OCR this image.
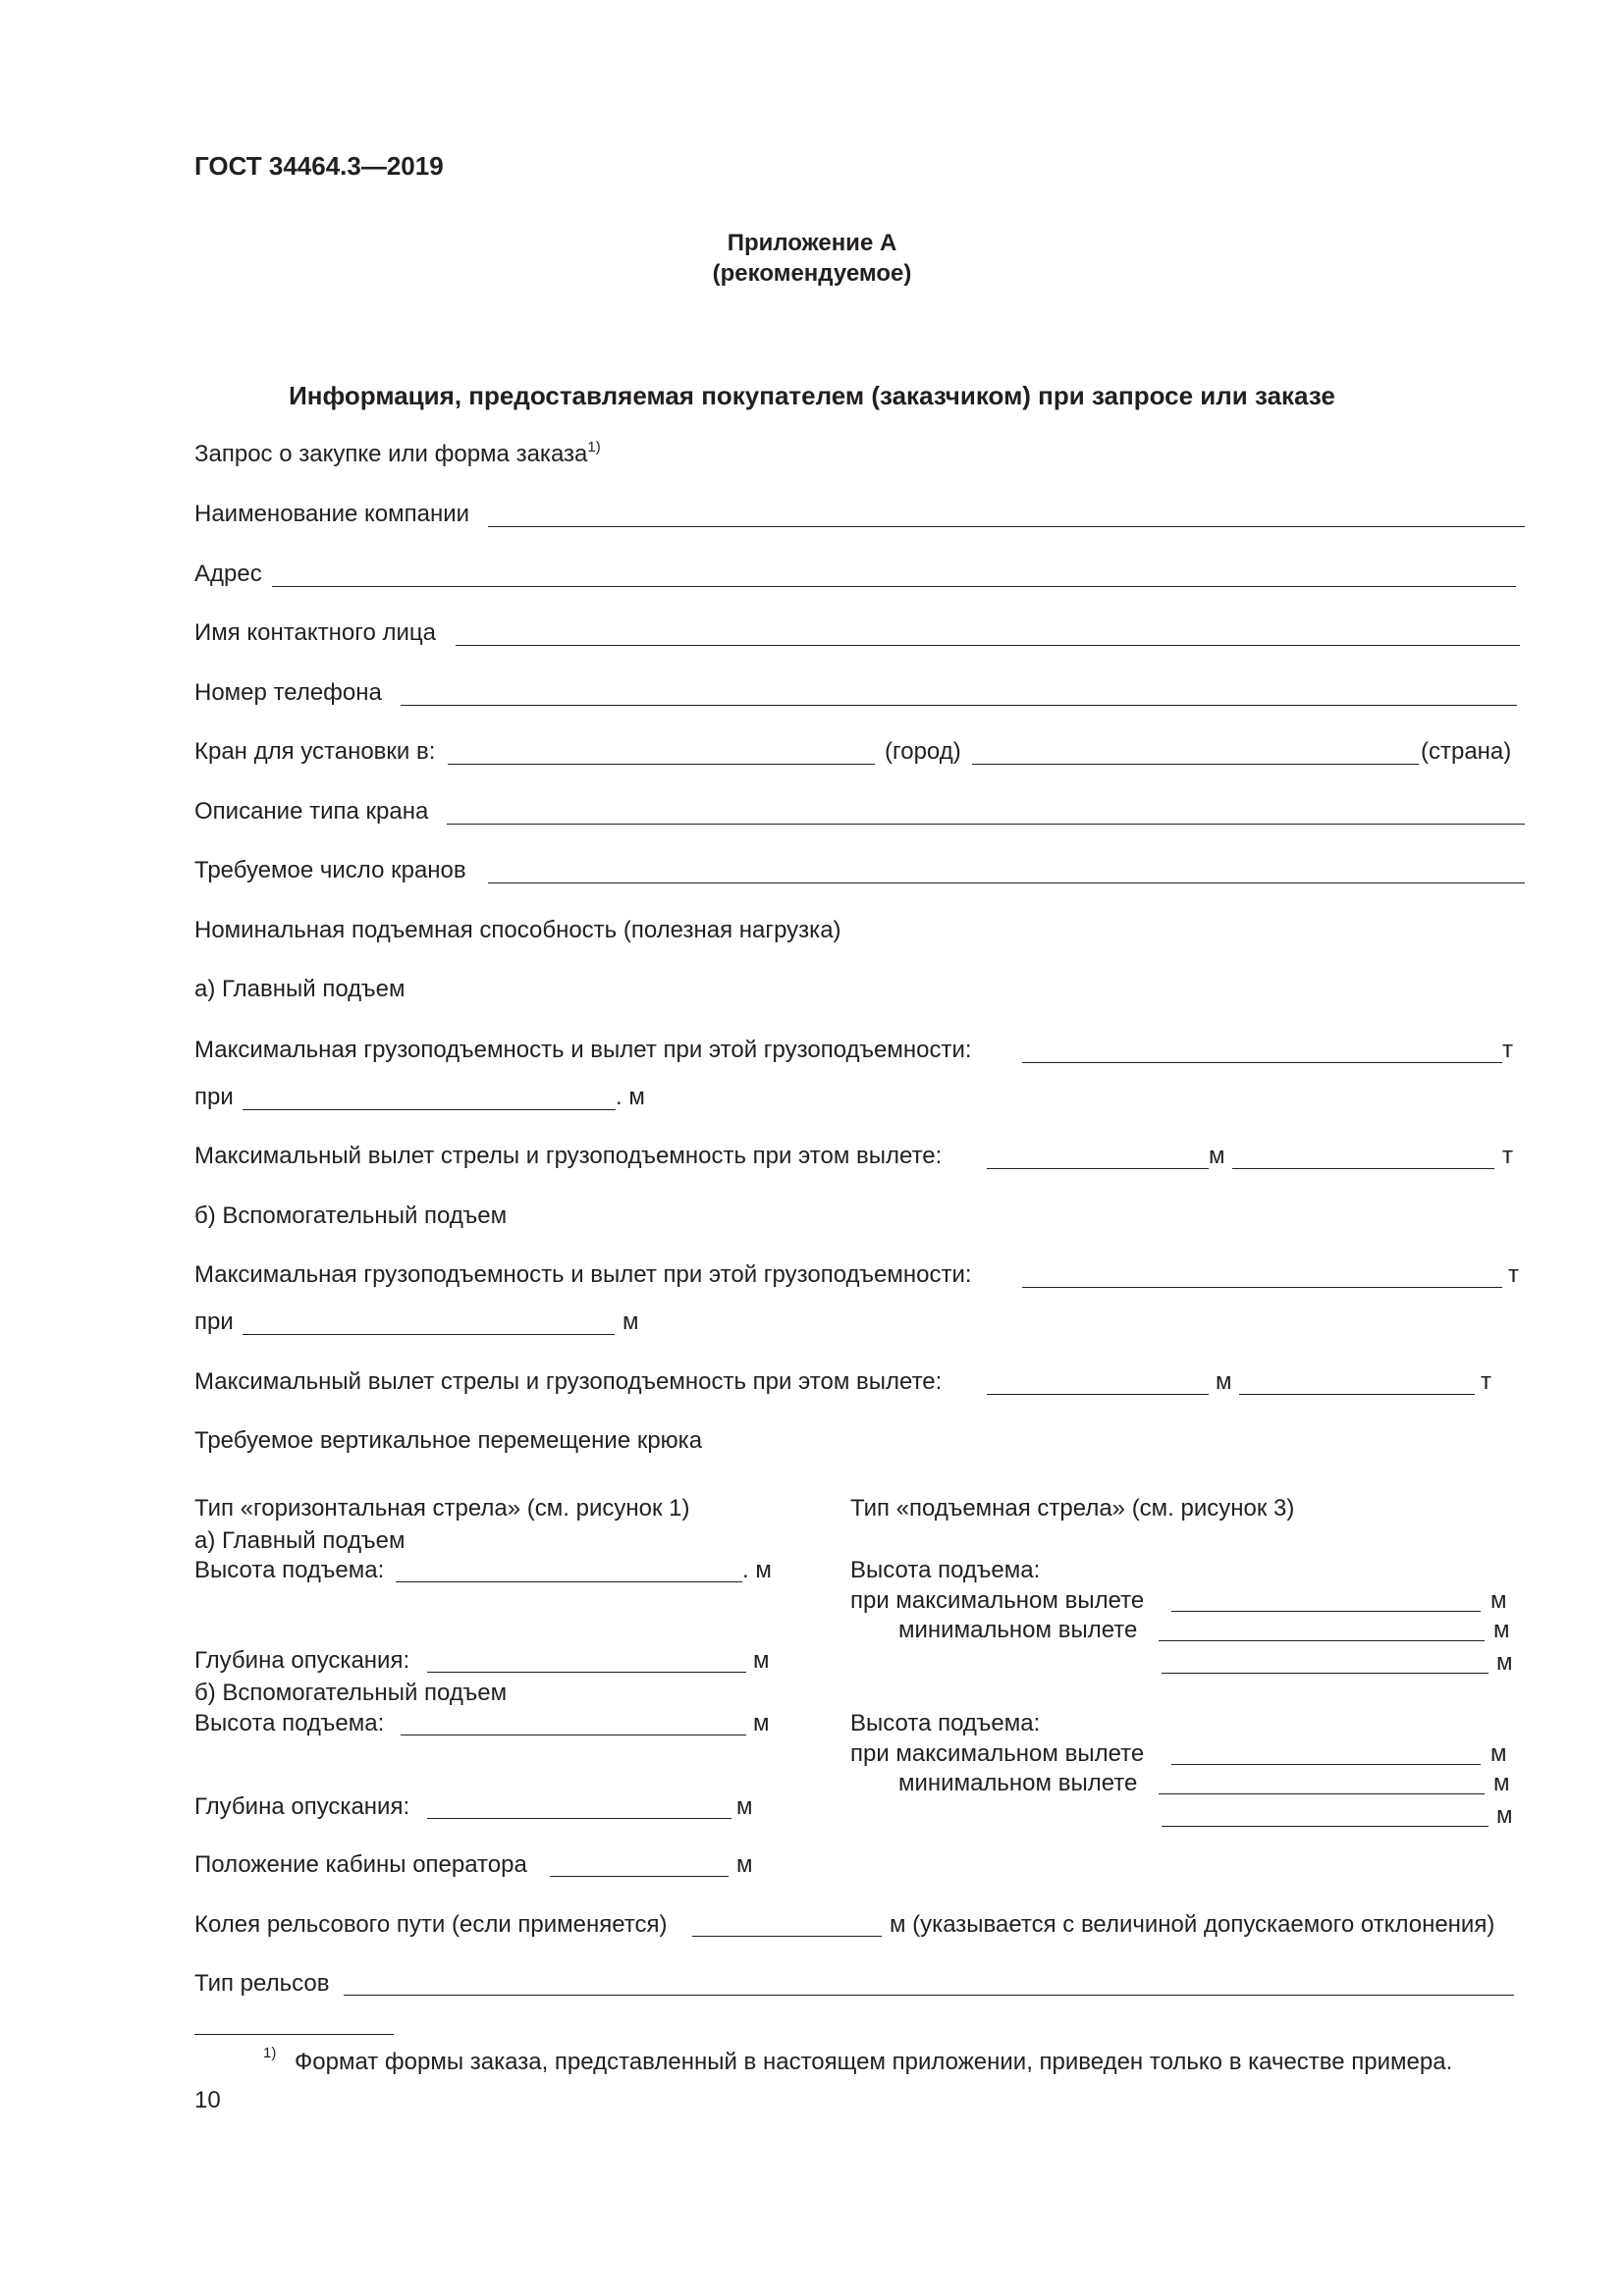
ГОСТ 34464.3—2019
Приложение А
(рекомендуемое)
Информация, предоставляемая покупателем (заказчиком) при запросе или заказе
Запрос о закупке или форма заказа$^{1)}$
Наименование компании
Адрес
Имя контактного лица
Номер телефона
Кран для установки в:	(город)	(страна)
Описание типа крана
Требуемое число кранов
Номинальная подъемная способность (полезная нагрузка)
а) Главный подъем
Максимальная грузоподъемность и вылет при этой грузоподъемности:	т
при	. м
Максимальный вылет стрелы и грузоподъемность при этом вылете:	м	т
б) Вспомогательный подъем
Максимальная грузоподъемность и вылет при этой грузоподъемности:	т
при	м
Максимальный вылет стрелы и грузоподъемность при этом вылете:	м	т
Требуемое вертикальное перемещение крюка
Тип «горизонтальная стрела» (см. рисунок 1)
а) Главный подъем
Высота подъема:	. м
Глубина опускания:	м
б) Вспомогательный подъем
Высота подъема:	м
Глубина опускания:	м
Тип «подъемная стрела» (см. рисунок 3)
Высота подъема:
при максимальном вылете	м
минимальном вылете	м
м
Высота подъема:
при максимальном вылете	м
минимальном вылете	м
м
Положение кабины оператора	м
Колея рельсового пути (если применяется)	м (указывается с величиной допускаемого отклонения)
Тип рельсов
1) Формат формы заказа, представленный в настоящем приложении, приведен только в качестве примера.
10
